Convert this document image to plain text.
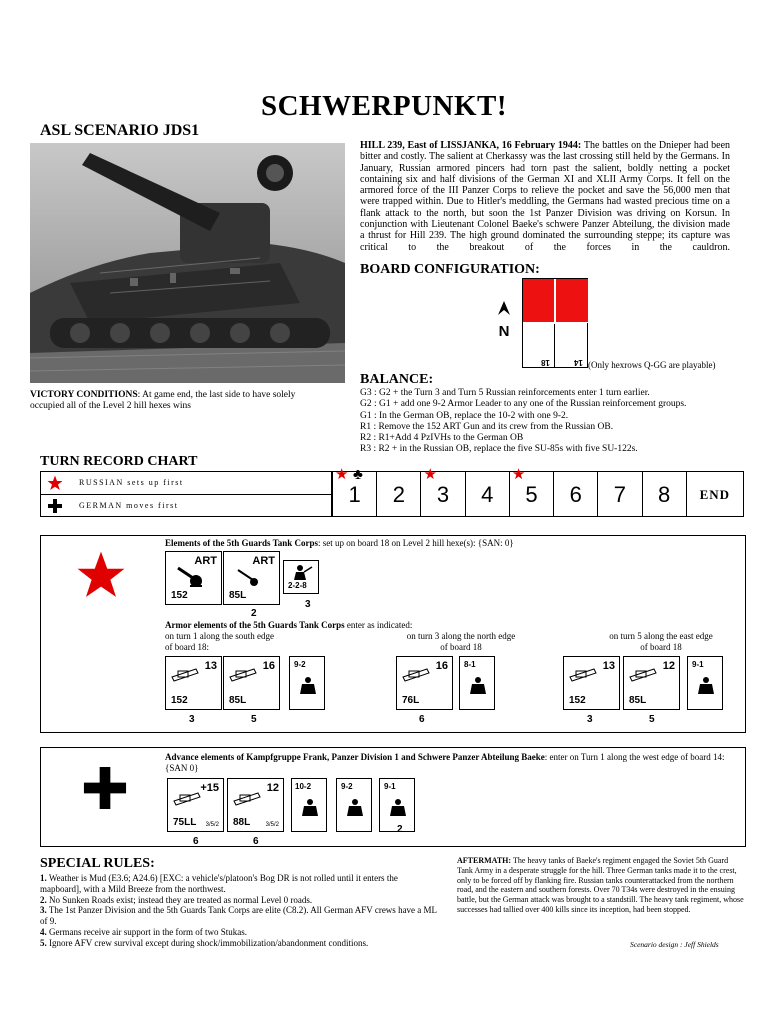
SCHWERPUNKT!
ASL SCENARIO JDS1
HILL 239, East of LISSJANKA, 16 February 1944: The battles on the Dnieper had been bitter and costly. The salient at Cherkassy was the last crossing still held by the Germans. In January, Russian armored pincers had torn past the salient, boldly netting a pocket containing six and half divisions of the German XI and XLII Army Corps. It fell on the armored force of the III Panzer Corps to relieve the pocket and save the 56,000 men that were trapped within. Due to Hitler's meddling, the Germans had wasted precious time on a flank attack to the north, but soon the 1st Panzer Division was driving on Korsun. In conjunction with Lieutenant Colonel Baeke's schwere Panzer Abteilung, the division made a thrust for Hill 239. The high ground dominated the surrounding steppe; its capture was critical to the breakout of the forces in the cauldron.
BOARD CONFIGURATION:
N
18	14 (Only hexrows Q-GG are playable)
BALANCE:
G3 : G2 + the Turn 3 and Turn 5 Russian reinforcements enter 1 turn earlier.
G2 : G1 + add one 9-2 Armor Leader to any one of the Russian reinforcement groups.
G1 : In the German OB, replace the 10-2 with one 9-2.
R1 : Remove the 152 ART Gun and its crew from the Russian OB.
R2 : R1+Add 4 PzIVHs to the German OB
R3 : R2 + in the Russian OB, replace the five SU-85s with five SU-122s.
VICTORY CONDITIONS: At game end, the last side to have solely occupied all of the Level 2 hill hexes wins
TURN RECORD CHART
RUSSIAN sets up first
GERMAN moves first
★ ♣
1	2
★
3	4
★
5	6	7	8	END
Elements of the 5th Guards Tank Corps: set up on board 18 on Level 2 hill hexe(s): {SAN: 0}
ART
152
ART
85L
2-2-8
2
3
Armor elements of the 5th Guards Tank Corps enter as indicated:
on turn 1 along the south edge
of board 18:
on turn 3 along the north edge
of board 18
on turn 5 along the east edge
of board 18
13
152
16
85L
9-2
3	5
16
76L
8-1
6
13
152
12
85L
9-1
3	5
Advance elements of Kampfgruppe Frank, Panzer Division 1 and Schwere Panzer Abteilung Baeke: enter on Turn 1 along the west edge of board 14: {SAN 0}
+15
75LL 3/5/2
12
88L	3/5/2
10-2	9-2	9-1
6	6
2
SPECIAL RULES:
1. Weather is Mud (E3.6; A24.6) [EXC: a vehicle's/platoon's Bog DR is not rolled until it enters the mapboard], with a Mild Breeze from the northwest.
2. No Sunken Roads exist; instead they are treated as normal Level 0 roads.
3. The 1st Panzer Division and the 5th Guards Tank Corps are elite (C8.2). All German AFV crews have a ML of 9.
4. Germans receive air support in the form of two Stukas.
5. Ignore AFV crew survival except during shock/immobilization/abandonment conditions.
AFTERMATH: The heavy tanks of Baeke's regiment engaged the Soviet 5th Guard Tank Army in a desperate struggle for the hill. Three German tanks made it to the crest, only to be forced off by flanking fire. Russian tanks counterattacked from the northern road, and the eastern and southern forests. Over 70 T34s were destroyed in the ensuing battle, but the German attack was brought to a standstill. The heavy tank regiment, whose successes had tallied over 400 kills since its inception, had been stopped.
Scenario design : Jeff Shields
